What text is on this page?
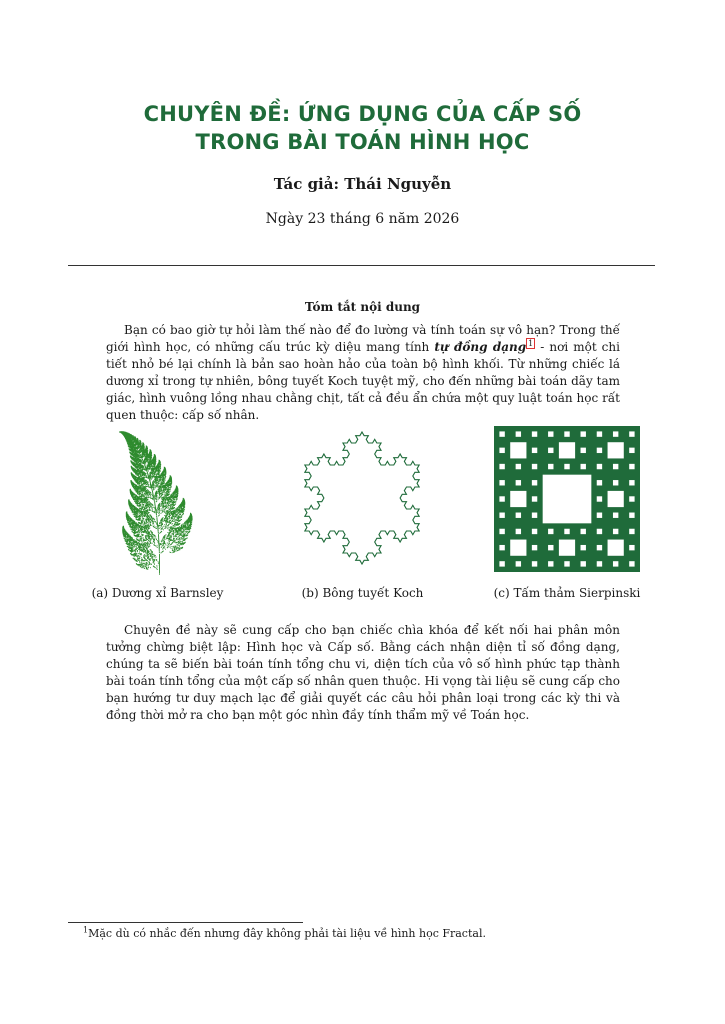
CHUYÊN ĐỀ: ỨNG DỤNG CỦA CẤP SỐ
TRONG BÀI TOÁN HÌNH HỌC
Tác giả: Thái Nguyễn
Ngày 23 tháng 6 năm 2026
Tóm tắt nội dung
Bạn có bao giờ tự hỏi làm thế nào để đo lường và tính toán sự vô hạn? Trong thế giới hình học, có những cấu trúc kỳ diệu mang tính tự đồng dạng $^1$ - nơi một chi tiết nhỏ bé lại chính là bản sao hoàn hảo của toàn bộ hình khối. Từ những chiếc lá dương xỉ trong tự nhiên, bông tuyết Koch tuyệt mỹ, cho đến những bài toán dãy tam giác, hình vuông lồng nhau chằng chịt, tất cả đều ẩn chứa một quy luật toán học rất quen thuộc: cấp số nhân.
(a) Dương xỉ Barnsley	(b) Bông tuyết Koch	(c) Tấm thảm Sierpinski
Chuyên đề này sẽ cung cấp cho bạn chiếc chìa khóa để kết nối hai phân môn tưởng chừng biệt lập: Hình học và Cấp số. Bằng cách nhận diện tỉ số đồng dạng, chúng ta sẽ biến bài toán tính tổng chu vi, diện tích của vô số hình phức tạp thành bài toán tính tổng của một cấp số nhân quen thuộc. Hi vọng tài liệu sẽ cung cấp cho bạn hướng tư duy mạch lạc để giải quyết các câu hỏi phân loại trong các kỳ thi và đồng thời mở ra cho bạn một góc nhìn đầy tính thẩm mỹ về Toán học.
$^1$Mặc dù có nhắc đến nhưng đây không phải tài liệu về hình học Fractal.
